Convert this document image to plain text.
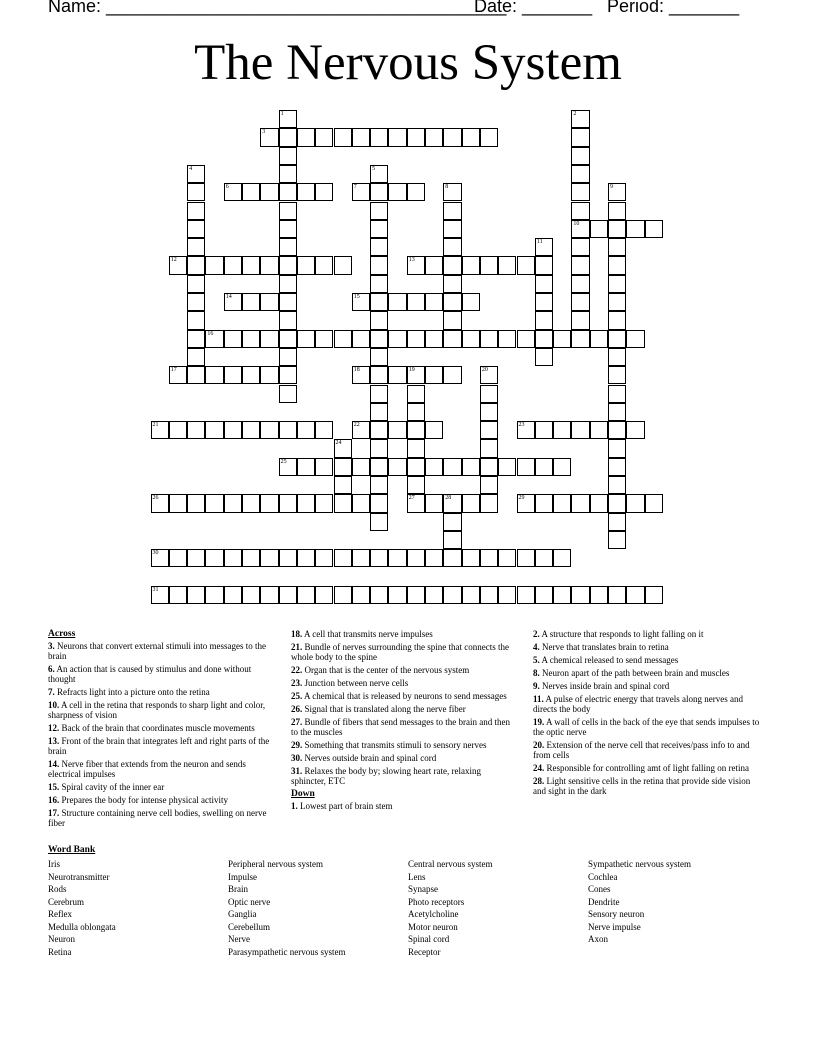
Name: ________________________________________
Date: _______ Period: _______
The Nervous System
3
6	7
10
12	13
14	15
16
17	18	19
21	22	23
25
26	27	28	29
30
31
1	2
4	5
8	9
11
20
24
Across
3. Neurons that convert external stimuli into messages to the brain
6. An action that is caused by stimulus and done without thought
7. Refracts light into a picture onto the retina
10. A cell in the retina that responds to sharp light and color, sharpness of vision
12. Back of the brain that coordinates muscle movements
13. Front of the brain that integrates left and right parts of the brain
14. Nerve fiber that extends from the neuron and sends electrical impulses
15. Spiral cavity of the inner ear
16. Prepares the body for intense physical activity
17. Structure containing nerve cell bodies, swelling on nerve fiber
18. A cell that transmits nerve impulses
21. Bundle of nerves surrounding the spine that connects the whole body to the spine
22. Organ that is the center of the nervous system
23. Junction between nerve cells
25. A chemical that is released by neurons to send messages
26. Signal that is translated along the nerve fiber
27. Bundle of fibers that send messages to the brain and then to the muscles
29. Something that transmits stimuli to sensory nerves
30. Nerves outside brain and spinal cord
31. Relaxes the body by; slowing heart rate, relaxing sphincter, ETC
Down
1. Lowest part of brain stem
2. A structure that responds to light falling on it
4. Nerve that translates brain to retina
5. A chemical released to send messages
8. Neuron apart of the path between brain and muscles
9. Nerves inside brain and spinal cord
11. A pulse of electric energy that travels along nerves and directs the body
19. A wall of cells in the back of the eye that sends impulses to the optic nerve
20. Extension of the nerve cell that receives/pass info to and from cells
24. Responsible for controlling amt of light falling on retina
28. Light sensitive cells in the retina that provide side vision and sight in the dark
Word Bank
Iris
Neurotransmitter
Rods
Cerebrum
Reflex
Medulla oblongata
Neuron
Retina
Peripheral nervous system
Impulse
Brain
Optic nerve
Ganglia
Cerebellum
Nerve
Parasympathetic nervous system
Central nervous system
Lens
Synapse
Photo receptors
Acetylcholine
Motor neuron
Spinal cord
Receptor
Sympathetic nervous system
Cochlea
Cones
Dendrite
Sensory neuron
Nerve impulse
Axon
